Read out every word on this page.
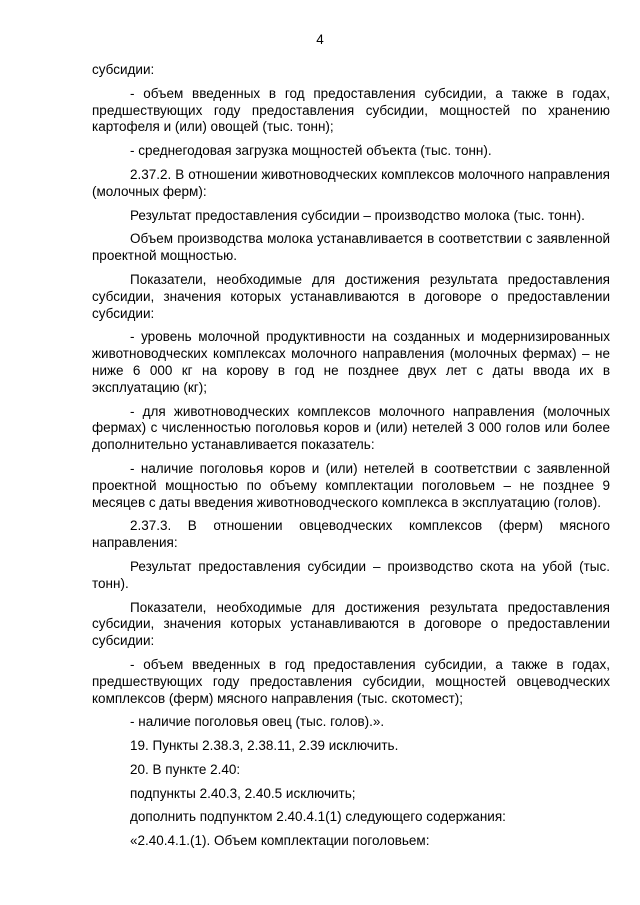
4

субсидии:

- объем введенных в год предоставления субсидии, а также в годах, предшествующих году предоставления субсидии, мощностей по хранению картофеля и (или) овощей (тыс. тонн);

- среднегодовая загрузка мощностей объекта (тыс. тонн).

2.37.2. В отношении животноводческих комплексов молочного направления (молочных ферм):

Результат предоставления субсидии – производство молока (тыс. тонн).

Объем производства молока устанавливается в соответствии с заявленной проектной мощностью.

Показатели, необходимые для достижения результата предоставления субсидии, значения которых устанавливаются в договоре о предоставлении субсидии:

- уровень молочной продуктивности на созданных и модернизированных животноводческих комплексах молочного направления (молочных фермах) – не ниже 6 000 кг на корову в год не позднее двух лет с даты ввода их в эксплуатацию (кг);

- для животноводческих комплексов молочного направления (молочных фермах) с численностью поголовья коров и (или) нетелей 3 000 голов или более дополнительно устанавливается показатель:

- наличие поголовья коров и (или) нетелей в соответствии с заявленной проектной мощностью по объему комплектации поголовьем – не позднее 9 месяцев с даты введения животноводческого комплекса в эксплуатацию (голов).

2.37.3. В отношении овцеводческих комплексов (ферм) мясного направления:

Результат предоставления субсидии – производство скота на убой (тыс. тонн).

Показатели, необходимые для достижения результата предоставления субсидии, значения которых устанавливаются в договоре о предоставлении субсидии:

- объем введенных в год предоставления субсидии, а также в годах, предшествующих году предоставления субсидии, мощностей овцеводческих комплексов (ферм) мясного направления (тыс. скотомест);

- наличие поголовья овец (тыс. голов).».

19. Пункты 2.38.3, 2.38.11, 2.39 исключить.

20. В пункте 2.40:

подпункты 2.40.3, 2.40.5 исключить;

дополнить подпунктом 2.40.4.1(1) следующего содержания:

«2.40.4.1.(1). Объем комплектации поголовьем:
